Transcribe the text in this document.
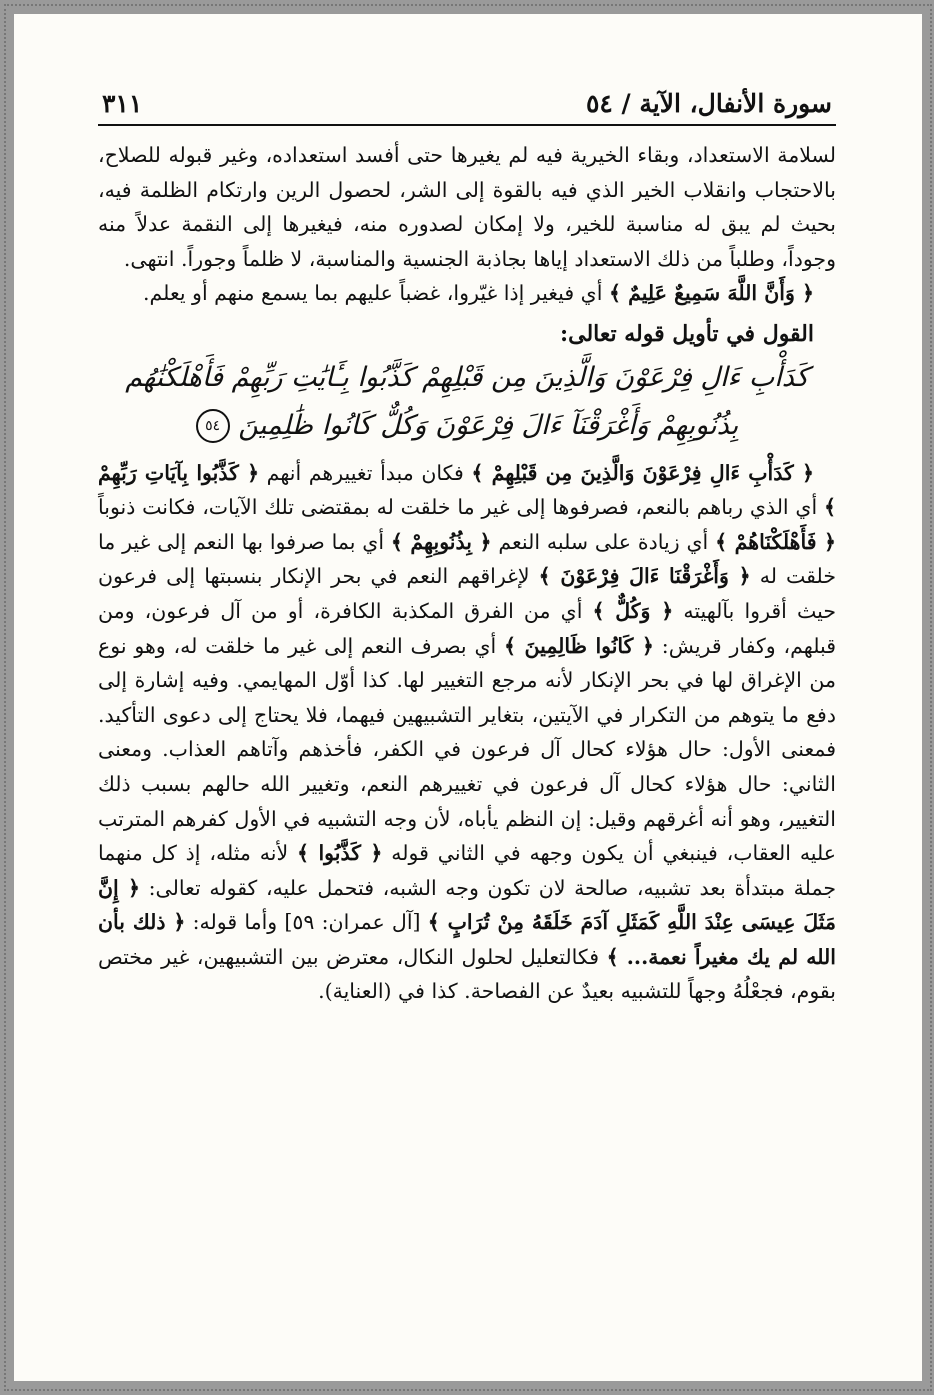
سورة الأنفال، الآية / ٥٤
٣١١

لسلامة الاستعداد، وبقاء الخيرية فيه لم يغيرها حتى أفسد استعداده، وغير قبوله للصلاح، بالاحتجاب وانقلاب الخير الذي فيه بالقوة إلى الشر، لحصول الرين وارتكام الظلمة فيه، بحيث لم يبق له مناسبة للخير، ولا إمكان لصدوره منه، فيغيرها إلى النقمة عدلاً منه وجوداً، وطلباً من ذلك الاستعداد إياها بجاذبة الجنسية والمناسبة، لا ظلماً وجوراً. انتهى.

﴿ وَأَنَّ اللَّهَ سَمِيعٌ عَلِيمٌ ﴾ أي فيغير إذا غيّروا، غضباً عليهم بما يسمع منهم أو يعلم.

القول في تأويل قوله تعالى:

كَدَأْبِ ءَالِ فِرْعَوْنَ وَالَّذِينَ مِن قَبْلِهِمْ كَذَّبُوا بِـَٔايَٰتِ رَبِّهِمْ فَأَهْلَكْنَٰهُم
بِذُنُوبِهِمْ وَأَغْرَقْنَآ ءَالَ فِرْعَوْنَ وَكُلٌّ كَانُوا ظَٰلِمِينَ ٥٤

﴿ كَدَأْبِ ءَالِ فِرْعَوْنَ وَالَّذِينَ مِن قَبْلِهِمْ ﴾ فكان مبدأ تغييرهم أنهم ﴿ كَذَّبُوا بِآيَاتِ رَبِّهِمْ ﴾ أي الذي رباهم بالنعم، فصرفوها إلى غير ما خلقت له بمقتضى تلك الآيات، فكانت ذنوباً ﴿ فَأَهْلَكْنَاهُمْ ﴾ أي زيادة على سلبه النعم ﴿ بِذُنُوبِهِمْ ﴾ أي بما صرفوا بها النعم إلى غير ما خلقت له ﴿ وَأَغْرَقْنَا ءَالَ فِرْعَوْنَ ﴾ لإغراقهم النعم في بحر الإنكار بنسبتها إلى فرعون حيث أقروا بآلهيته ﴿ وَكُلٌّ ﴾ أي من الفرق المكذبة الكافرة، أو من آل فرعون، ومن قبلهم، وكفار قريش: ﴿ كَانُوا ظَالِمِينَ ﴾ أي بصرف النعم إلى غير ما خلقت له، وهو نوع من الإغراق لها في بحر الإنكار لأنه مرجع التغيير لها. كذا أوّل المهايمي. وفيه إشارة إلى دفع ما يتوهم من التكرار في الآيتين، بتغاير التشبيهين فيهما، فلا يحتاج إلى دعوى التأكيد. فمعنى الأول: حال هؤلاء كحال آل فرعون في الكفر، فأخذهم وآتاهم العذاب. ومعنى الثاني: حال هؤلاء كحال آل فرعون في تغييرهم النعم، وتغيير الله حالهم بسبب ذلك التغيير، وهو أنه أغرقهم وقيل: إن النظم يأباه، لأن وجه التشبيه في الأول كفرهم المترتب عليه العقاب، فينبغي أن يكون وجهه في الثاني قوله ﴿ كَذَّبُوا ﴾ لأنه مثله، إذ كل منهما جملة مبتدأة بعد تشبيه، صالحة لان تكون وجه الشبه، فتحمل عليه، كقوله تعالى: ﴿ إِنَّ مَثَلَ عِيسَى عِنْدَ اللَّهِ كَمَثَلِ آدَمَ خَلَقَهُ مِنْ تُرَابٍ ﴾ [آل عمران: ٥٩] وأما قوله: ﴿ ذلك بأن الله لم يك مغيراً نعمة... ﴾ فكالتعليل لحلول النكال، معترض بين التشبيهين، غير مختص بقوم، فجعْلُهُ وجهاً للتشبيه بعيدٌ عن الفصاحة. كذا في (العناية).
